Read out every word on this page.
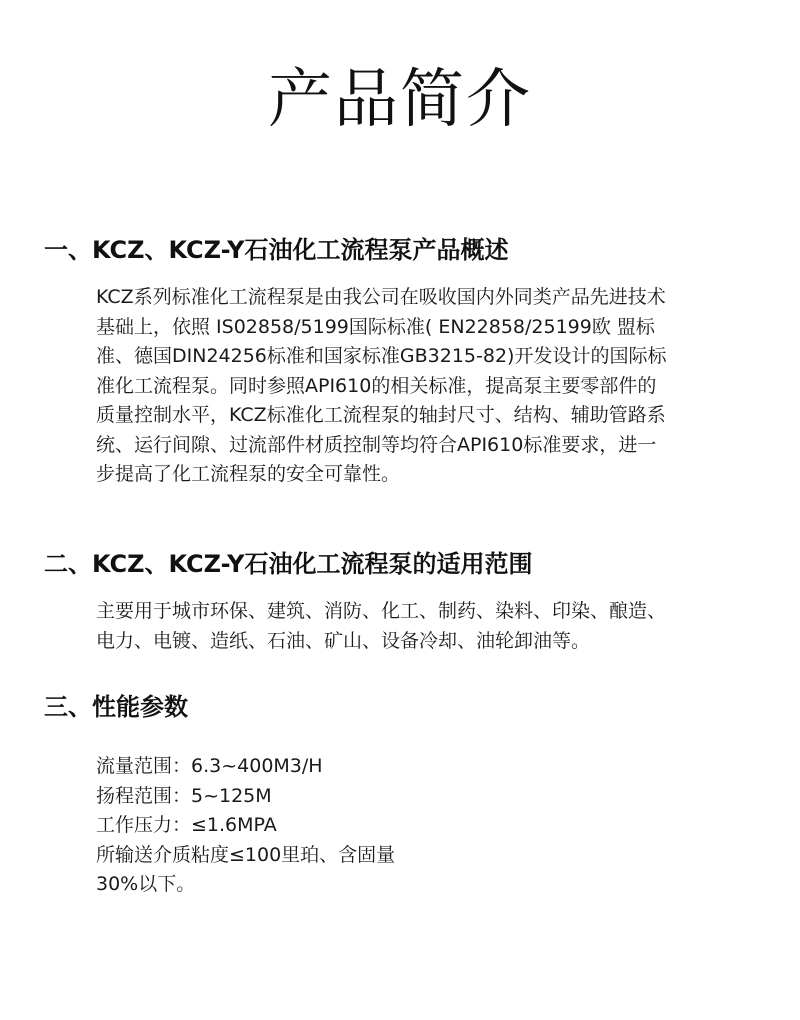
产品简介
一、KCZ、KCZ-Y石油化工流程泵产品概述
KCZ系列标准化工流程泵是由我公司在吸收国内外同类产品先进技术
基础上，依照 IS02858/5199国际标准( EN22858/25199欧 盟标
准、德国DIN24256标准和国家标准GB3215-82)开发设计的国际标
准化工流程泵。同时参照API610的相关标准，提高泵主要零部件的
质量控制水平，KCZ标准化工流程泵的轴封尺寸、结构、辅助管路系
统、运行间隙、过流部件材质控制等均符合API610标准要求，进一
步提高了化工流程泵的安全可靠性。
二、KCZ、KCZ-Y石油化工流程泵的适用范围
主要用于城市环保、建筑、消防、化工、制药、染料、印染、酿造、
电力、电镀、造纸、石油、矿山、设备冷却、油轮卸油等。
三、性能参数
流量范围：6.3~400M3/H
扬程范围：5~125M
工作压力：≤1.6MPA
所输送介质粘度≤100里珀、含固量
30%以下。
